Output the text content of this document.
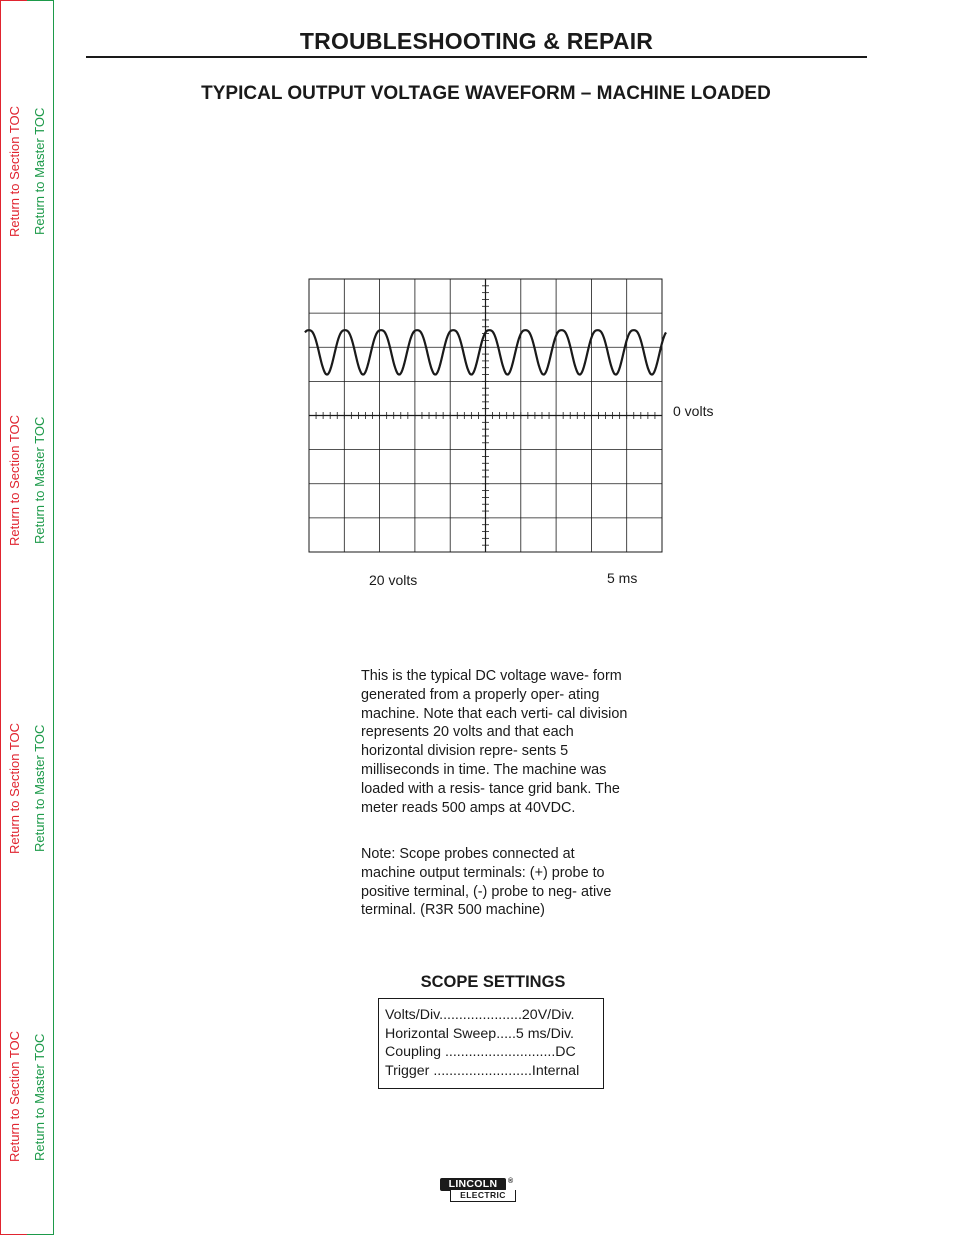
Return to Section TOC
Return to Section TOC
Return to Section TOC
Return to Section TOC
Return to Master TOC
Return to Master TOC
Return to Master TOC
Return to Master TOC
TROUBLESHOOTING & REPAIR
TYPICAL OUTPUT VOLTAGE WAVEFORM – MACHINE LOADED
0 volts
20 volts	5 ms

This is the typical DC voltage wave- form generated from a properly oper- ating machine. Note that each verti- cal division represents 20 volts and that each horizontal division repre- sents 5 milliseconds in time. The machine was loaded with a resis- tance grid bank. The meter reads 500 amps at 40VDC.

Note: Scope probes connected at machine output terminals: (+) probe to positive terminal, (-) probe to neg- ative terminal. (R3R 500 machine)

SCOPE SETTINGS
Volts/Div.....................20V/Div.
Horizontal Sweep.....5 ms/Div.
Coupling ............................DC
Trigger .........................Internal
LINCOLN
ELECTRIC
®
